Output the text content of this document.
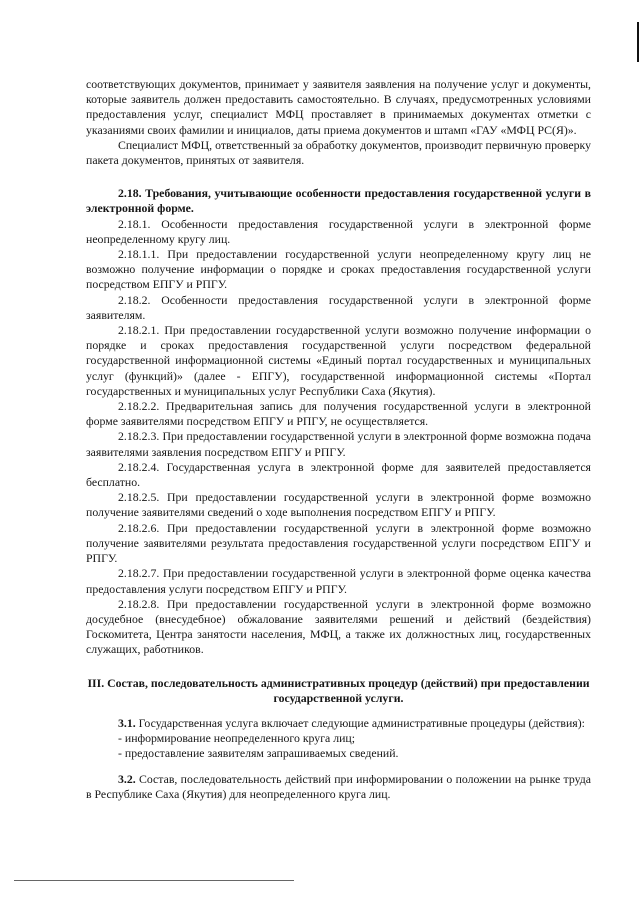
соответствующих документов, принимает у заявителя заявления на получение услуг и документы, которые заявитель должен предоставить самостоятельно. В случаях, предусмотренных условиями предоставления услуг, специалист МФЦ проставляет в принимаемых документах отметки с указаниями своих фамилии и инициалов, даты приема документов и штамп «ГАУ «МФЦ РС(Я)».

Специалист МФЦ, ответственный за обработку документов, производит первичную проверку пакета документов, принятых от заявителя.

2.18. Требования, учитывающие особенности предоставления государственной услуги в электронной форме.

2.18.1. Особенности предоставления государственной услуги в электронной форме неопределенному кругу лиц.

2.18.1.1. При предоставлении государственной услуги неопределенному кругу лиц не возможно получение информации о порядке и сроках предоставления государственной услуги посредством ЕПГУ и РПГУ.

2.18.2. Особенности предоставления государственной услуги в электронной форме заявителям.

2.18.2.1. При предоставлении государственной услуги возможно получение информации о порядке и сроках предоставления государственной услуги посредством федеральной государственной информационной системы «Единый портал государственных и муниципальных услуг (функций)» (далее - ЕПГУ), государственной информационной системы «Портал государственных и муниципальных услуг Республики Саха (Якутия).

2.18.2.2. Предварительная запись для получения государственной услуги в электронной форме заявителями посредством ЕПГУ и РПГУ, не осуществляется.

2.18.2.3. При предоставлении государственной услуги в электронной форме возможна подача заявителями заявления посредством ЕПГУ и РПГУ.

2.18.2.4. Государственная услуга в электронной форме для заявителей предоставляется бесплатно.

2.18.2.5. При предоставлении государственной услуги в электронной форме возможно получение заявителями сведений о ходе выполнения посредством ЕПГУ и РПГУ.

2.18.2.6. При предоставлении государственной услуги в электронной форме возможно получение заявителями результата предоставления государственной услуги посредством ЕПГУ и РПГУ.

2.18.2.7. При предоставлении государственной услуги в электронной форме оценка качества предоставления услуги посредством ЕПГУ и РПГУ.

2.18.2.8. При предоставлении государственной услуги в электронной форме возможно досудебное (внесудебное) обжалование заявителями решений и действий (бездействия) Госкомитета, Центра занятости населения, МФЦ, а также их должностных лиц, государственных служащих, работников.

III. Состав, последовательность административных процедур (действий) при предоставлении государственной услуги.

3.1. Государственная услуга включает следующие административные процедуры (действия):

- информирование неопределенного круга лиц;

- предоставление заявителям запрашиваемых сведений.

3.2. Состав, последовательность действий при информировании о положении на рынке труда в Республике Саха (Якутия) для неопределенного круга лиц.
